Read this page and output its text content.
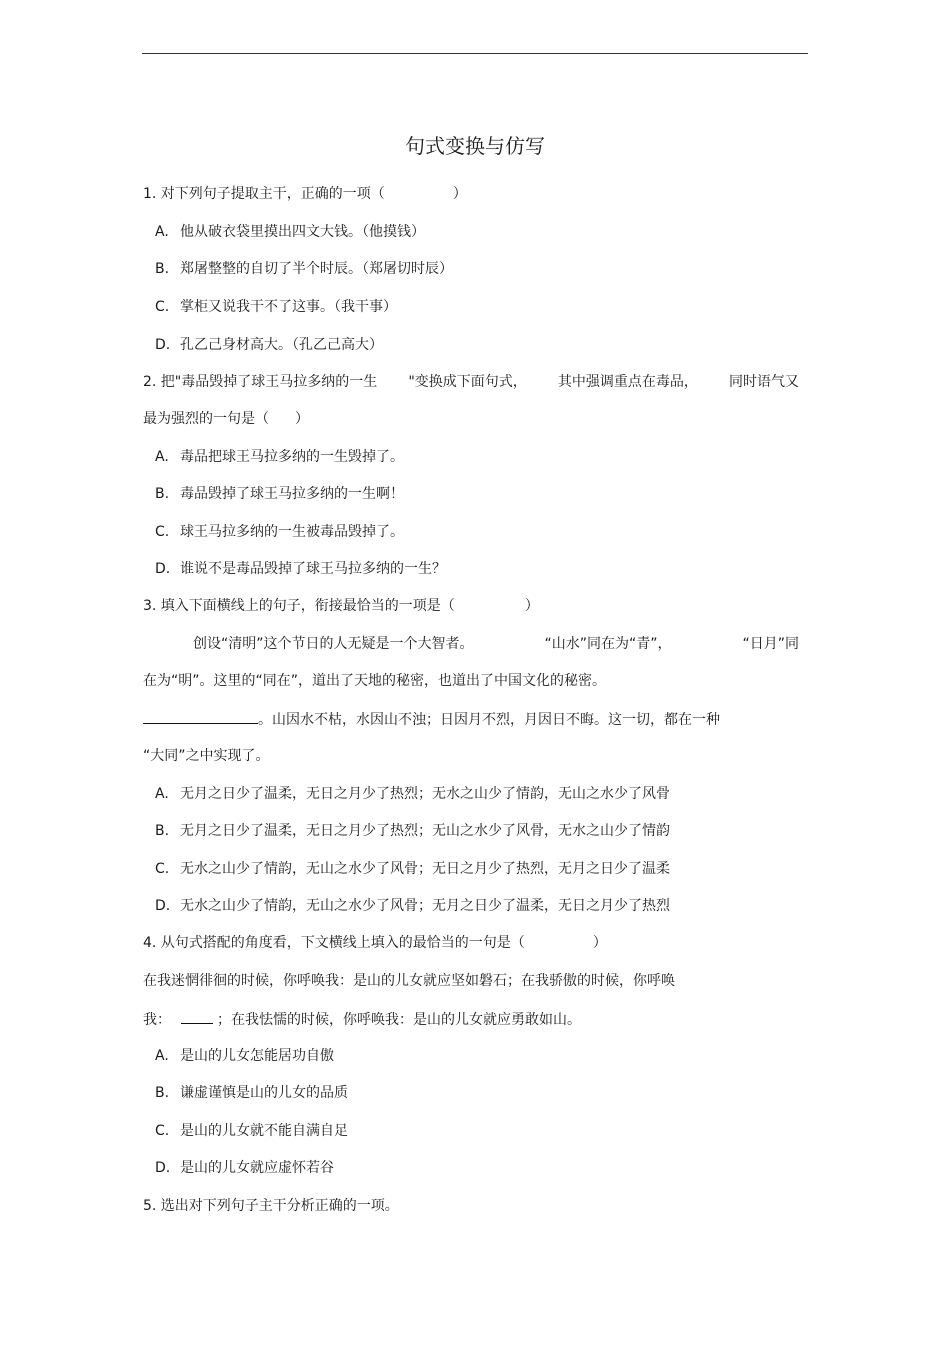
句式变换与仿写
1. 对下列句子提取主干，正确的一项（	）
A. 他从破衣袋里摸出四文大钱。（他摸钱）
B. 郑屠整整的自切了半个时辰。（郑屠切时辰）
C. 掌柜又说我干不了这事。（我干事）
D. 孔乙己身材高大。（孔乙己高大）
2. 把"毒品毁掉了球王马拉多纳的一生 "变换成下面句式， 其中强调重点在毒品， 同时语气又
最为强烈的一句是（ ）
A. 毒品把球王马拉多纳的一生毁掉了。
B. 毒品毁掉了球王马拉多纳的一生啊！
C. 球王马拉多纳的一生被毒品毁掉了。
D. 谁说不是毒品毁掉了球王马拉多纳的一生？
3. 填入下面横线上的句子，衔接最恰当的一项是（	）
创设“清明”这个节日的人无疑是一个大智者。	“山水”同在为“青”，	“日月”同
在为“明”。这里的“同在”，道出了天地的秘密，也道出了中国文化的秘密。
。山因水不枯，水因山不浊；日因月不烈，月因日不晦。这一切，都在一种
“大同”之中实现了。
A. 无月之日少了温柔，无日之月少了热烈；无水之山少了情韵，无山之水少了风骨
B. 无月之日少了温柔，无日之月少了热烈；无山之水少了风骨，无水之山少了情韵
C. 无水之山少了情韵，无山之水少了风骨；无日之月少了热烈，无月之日少了温柔
D. 无水之山少了情韵，无山之水少了风骨；无月之日少了温柔，无日之月少了热烈
4. 从句式搭配的角度看，下文横线上填入的最恰当的一句是（	）
在我迷惘徘徊的时候，你呼唤我：是山的儿女就应坚如磐石；在我骄傲的时候，你呼唤
我：	；在我怯懦的时候，你呼唤我：是山的儿女就应勇敢如山。
A. 是山的儿女怎能居功自傲
B. 谦虚谨慎是山的儿女的品质
C. 是山的儿女就不能自满自足
D. 是山的儿女就应虚怀若谷
5. 选出对下列句子主干分析正确的一项。
